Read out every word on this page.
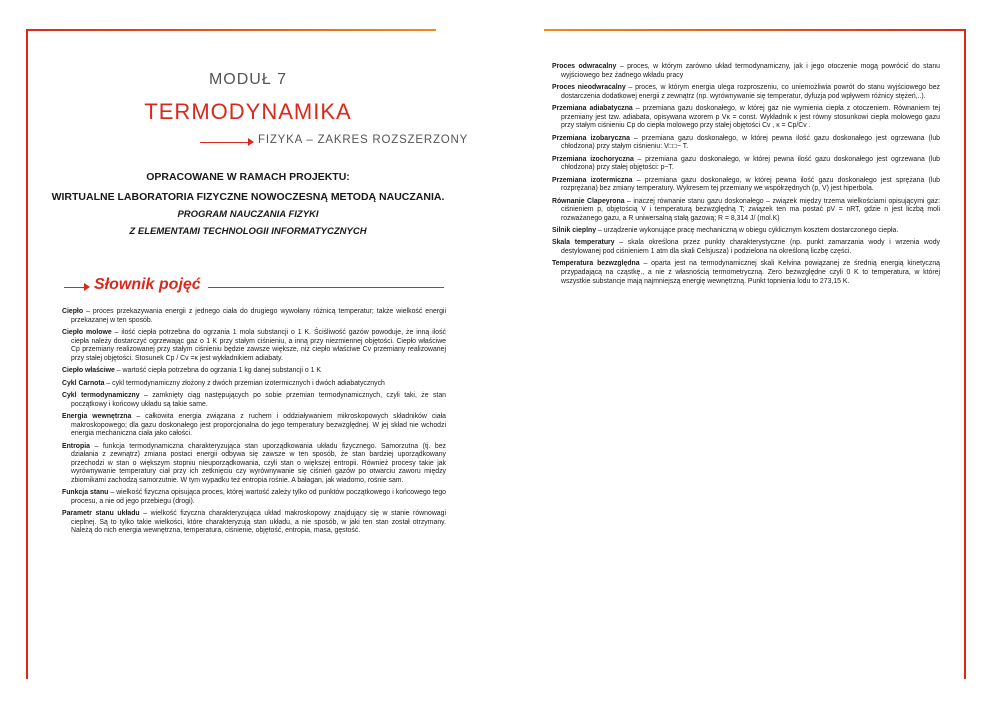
MODUŁ 7
TERMODYNAMIKA
FIZYKA – ZAKRES ROZSZERZONY
OPRACOWANE W RAMACH PROJEKTU:
WIRTUALNE LABORATORIA FIZYCZNE NOWOCZESNĄ METODĄ NAUCZANIA.
PROGRAM NAUCZANIA FIZYKI
Z ELEMENTAMI TECHNOLOGII INFORMATYCZNYCH
Słownik pojęć

Ciepło – proces przekazywania energii z jednego ciała do drugiego wywołany różnicą temperatur; także wielkość energii przekazanej w ten sposób.

Ciepło molowe – ilość ciepła potrzebna do ogrzania 1 mola substancji o 1 K. Ściśliwość gazów powoduje, że inną ilość ciepła należy dostarczyć ogrzewając gaz o 1 K przy stałym ciśnieniu, a inną przy niezmiennej objętości. Ciepło właściwe Cp przemiany realizowanej przy stałym ciśnieniu będzie zawsze większe, niż ciepło właściwe Cv przemiany realizowanej przy stałej objętości. Stosunek Cp / Cv =κ jest wykładnikiem adiabaty.

Ciepło właściwe – wartość ciepła potrzebna do ogrzania 1 kg danej substancji o 1 K

Cykl Carnota – cykl termodynamiczny złożony z dwóch przemian izotermicznych i dwóch adiabatycznych

Cykl termodynamiczny – zamknięty ciąg następujących po sobie przemian termodynamicznych, czyli taki, że stan początkowy i końcowy układu są takie same.

Energia wewnętrzna – całkowita energia związana z ruchem i oddziaływaniem mikroskopowych składników ciała makroskopowego; dla gazu doskonałego jest proporcjonalna do jego temperatury bezwzględnej. W jej skład nie wchodzi energia mechaniczna ciała jako całości.

Entropia – funkcja termodynamiczna charakteryzująca stan uporządkowania układu fizycznego. Samorzutna (tj. bez działania z zewnątrz) zmiana postaci energii odbywa się zawsze w ten sposób, że stan bardziej uporządkowany przechodzi w stan o większym stopniu nieuporządkowania, czyli stan o większej entropii. Również procesy takie jak wyrównywanie temperatury ciał przy ich zetknięciu czy wyrównywanie się ciśnień gazów po otwarciu zaworu między zbiornikami zachodzą samorzutnie. W tym wypadku też entropia rośnie. A bałagan, jak wiadomo, rośnie sam.

Funkcja stanu – wielkość fizyczna opisująca proces, której wartość zależy tylko od punktów początkowego i końcowego tego procesu, a nie od jego przebiegu (drogi).

Parametr stanu układu – wielkość fizyczna charakteryzująca układ makroskopowy znajdujący się w stanie równowagi cieplnej. Są to tylko takie wielkości, które charakteryzują stan układu, a nie sposób, w jaki ten stan został otrzymany. Należą do nich energia wewnętrzna, temperatura, ciśnienie, objętość, entropia, masa, gęstość.

Proces odwracalny – proces, w którym zarówno układ termodynamiczny, jak i jego otoczenie mogą powrócić do stanu wyjściowego bez żadnego wkładu pracy

Proces nieodwracalny – proces, w którym energia ulega rozproszeniu, co uniemożliwia powrót do stanu wyjściowego bez dostarczenia dodatkowej energii z zewnątrz (np. wyrównywanie się temperatur, dyfuzja pod wpływem różnicy stężeń,..).

Przemiana adiabatyczna – przemiana gazu doskonałego, w której gaz nie wymienia ciepła z otoczeniem. Równaniem tej przemiany jest tzw. adiabata, opisywana wzorem p Vκ = const. Wykładnik κ jest równy stosunkowi ciepła molowego gazu przy stałym ciśnieniu Cp do ciepła molowego przy stałej objętości Cv , κ = Cp/Cv .

Przemiana izobaryczna – przemiana gazu doskonałego, w której pewna ilość gazu doskonałego jest ogrzewana (lub chłodzona) przy stałym ciśnieniu: V□□~ T.

Przemiana izochoryczna – przemiana gazu doskonałego, w której pewna ilość gazu doskonałego jest ogrzewana (lub chłodzona) przy stałej objętości: p~T.

Przemiana izotermiczna – przemiana gazu doskonałego, w której pewna ilość gazu doskonałego jest sprężana (lub rozprężana) bez zmiany temperatury. Wykresem tej przemiany we współrzędnych (p, V) jest hiperbola.

Równanie Clapeyrona – inaczej równanie stanu gazu doskonałego – związek między trzema wielkościami opisującymi gaz: ciśnieniem p, objętością V i temperaturą bezwzględną T; związek ten ma postać pV = nRT, gdzie n jest liczbą moli rozważanego gazu, a R uniwersalną stałą gazową; R = 8,314 J/ (mol.K)

Silnik cieplny – urządzenie wykonujące pracę mechaniczną w obiegu cyklicznym kosztem dostarczonego ciepła.

Skala temperatury – skala określona przez punkty charakterystyczne (np. punkt zamarzania wody i wrzenia wody destylowanej pod ciśnieniem 1 atm dla skali Celsjusza) i podzielona na określoną liczbę części.

Temperatura bezwzględna – oparta jest na termodynamicznej skali Kelvina powiązanej ze średnią energią kinetyczną przypadającą na cząstkę., a nie z własnością termometryczną. Zero bezwzględne czyli 0 K to temperatura, w której wszystkie substancje mają najmniejszą energię wewnętrzną. Punkt topnienia lodu to 273,15 K.
